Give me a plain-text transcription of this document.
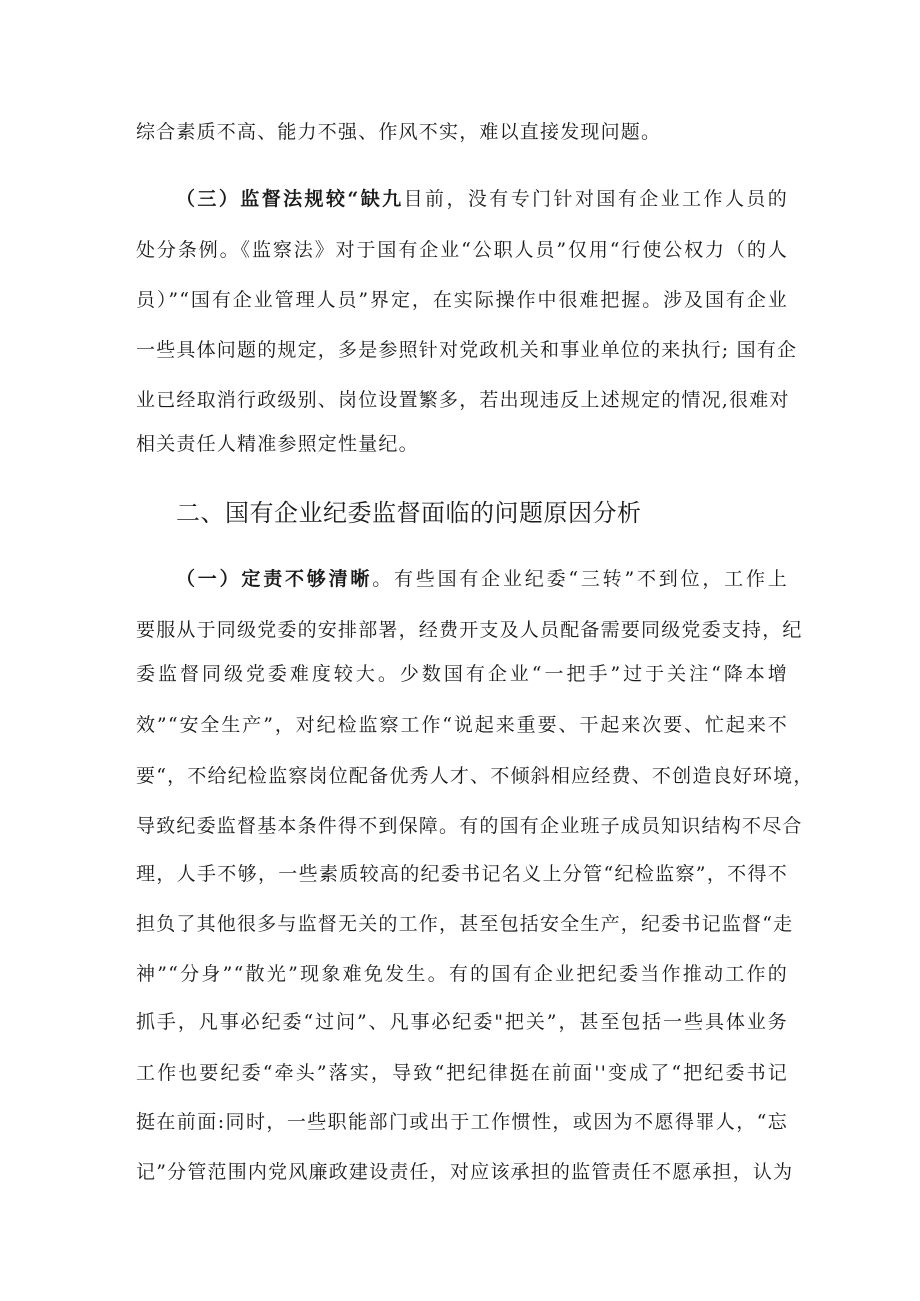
综合素质不高、能力不强、作风不实，难以直接发现问题。
（三）监督法规较“缺九目前，没有专门针对国有企业工作人员的
处分条例。《监察法》对于国有企业“公职人员”仅用“行使公权力（的人
员）”“国有企业管理人员”界定，在实际操作中很难把握。涉及国有企业
一些具体问题的规定，多是参照针对党政机关和事业单位的来执行; 国有企
业已经取消行政级别、岗位设置繁多，若出现违反上述规定的情况,很难对
相关责任人精准参照定性量纪。
二、国有企业纪委监督面临的问题原因分析
（一）定责不够清晰。有些国有企业纪委“三转”不到位，工作上
要服从于同级党委的安排部署，经费开支及人员配备需要同级党委支持，纪
委监督同级党委难度较大。少数国有企业“一把手”过于关注“降本增
效”“安全生产”，对纪检监察工作“说起来重要、干起来次要、忙起来不
要“，不给纪检监察岗位配备优秀人才、不倾斜相应经费、不创造良好环境，
导致纪委监督基本条件得不到保障。有的国有企业班子成员知识结构不尽合
理，人手不够，一些素质较高的纪委书记名义上分管“纪检监察”，不得不
担负了其他很多与监督无关的工作，甚至包括安全生产，纪委书记监督“走
神”“分身”“散光”现象难免发生。有的国有企业把纪委当作推动工作的
抓手，凡事必纪委“过问”、凡事必纪委"把关”，甚至包括一些具体业务
工作也要纪委“牵头”落实，导致“把纪律挺在前面''变成了“把纪委书记
挺在前面:同时，一些职能部门或出于工作惯性，或因为不愿得罪人，“忘
记”分管范围内党风廉政建设责任，对应该承担的监管责任不愿承担，认为
